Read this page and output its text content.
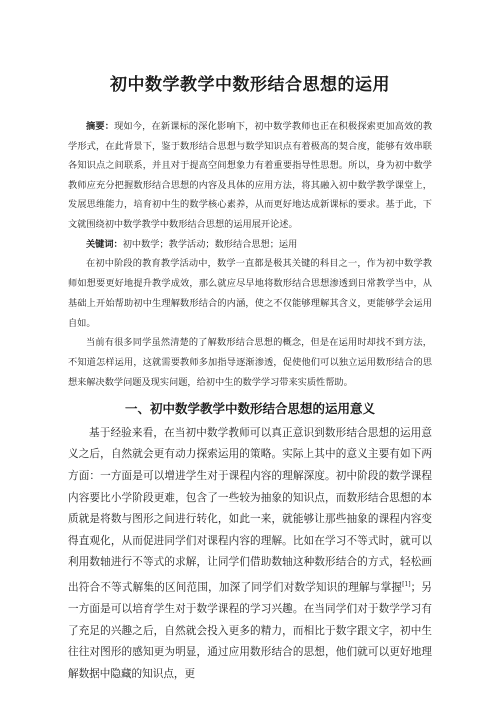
初中数学教学中数形结合思想的运用

摘要：现如今，在新课标的深化影响下，初中数学教师也正在积极探索更加高效的教学形式，在此背景下，鉴于数形结合思想与数学知识点有着极高的契合度，能够有效串联各知识点之间联系，并且对于提高空间想象力有着重要指导性思想。所以，身为初中数学教师应充分把握数形结合思想的内容及具体的应用方法，将其融入初中数学教学课堂上，发展思维能力，培育初中生的数学核心素养，从而更好地达成新课标的要求。基于此，下文就围绕初中数学教学中数形结合思想的运用展开论述。

关键词：初中数学；教学活动；数形结合思想；运用

在初中阶段的教育教学活动中，数学一直都是极其关键的科目之一，作为初中数学教师如想要更好地提升教学成效，那么就应尽早地将数形结合思想渗透到日常教学当中，从基础上开始帮助初中生理解数形结合的内涵，使之不仅能够理解其含义，更能够学会运用自如。

当前有很多同学虽然清楚的了解数形结合思想的概念，但是在运用时却找不到方法，不知道怎样运用，这就需要教师多加指导逐渐渗透，促使他们可以独立运用数形结合的思想来解决数学问题及现实问题，给初中生的数学学习带来实质性帮助。

一、初中数学教学中数形结合思想的运用意义

基于经验来看，在当初中数学教师可以真正意识到数形结合思想的运用意义之后，自然就会更有动力探索运用的策略。实际上其中的意义主要有如下两方面：一方面是可以增进学生对于课程内容的理解深度。初中阶段的数学课程内容要比小学阶段更难，包含了一些较为抽象的知识点，而数形结合思想的本质就是将数与图形之间进行转化，如此一来，就能够让那些抽象的课程内容变得直观化，从而促进同学们对课程内容的理解。比如在学习不等式时，就可以利用数轴进行不等式的求解，让同学们借助数轴这种数形结合的方式，轻松画出符合不等式解集的区间范围，加深了同学们对数学知识的理解与掌握[1]；另一方面是可以培育学生对于数学课程的学习兴趣。在当同学们对于数学学习有了充足的兴趣之后，自然就会投入更多的精力，而相比于数字跟文字，初中生往往对图形的感知更为明显，通过应用数形结合的思想，他们就可以更好地理解数据中隐藏的知识点，更
